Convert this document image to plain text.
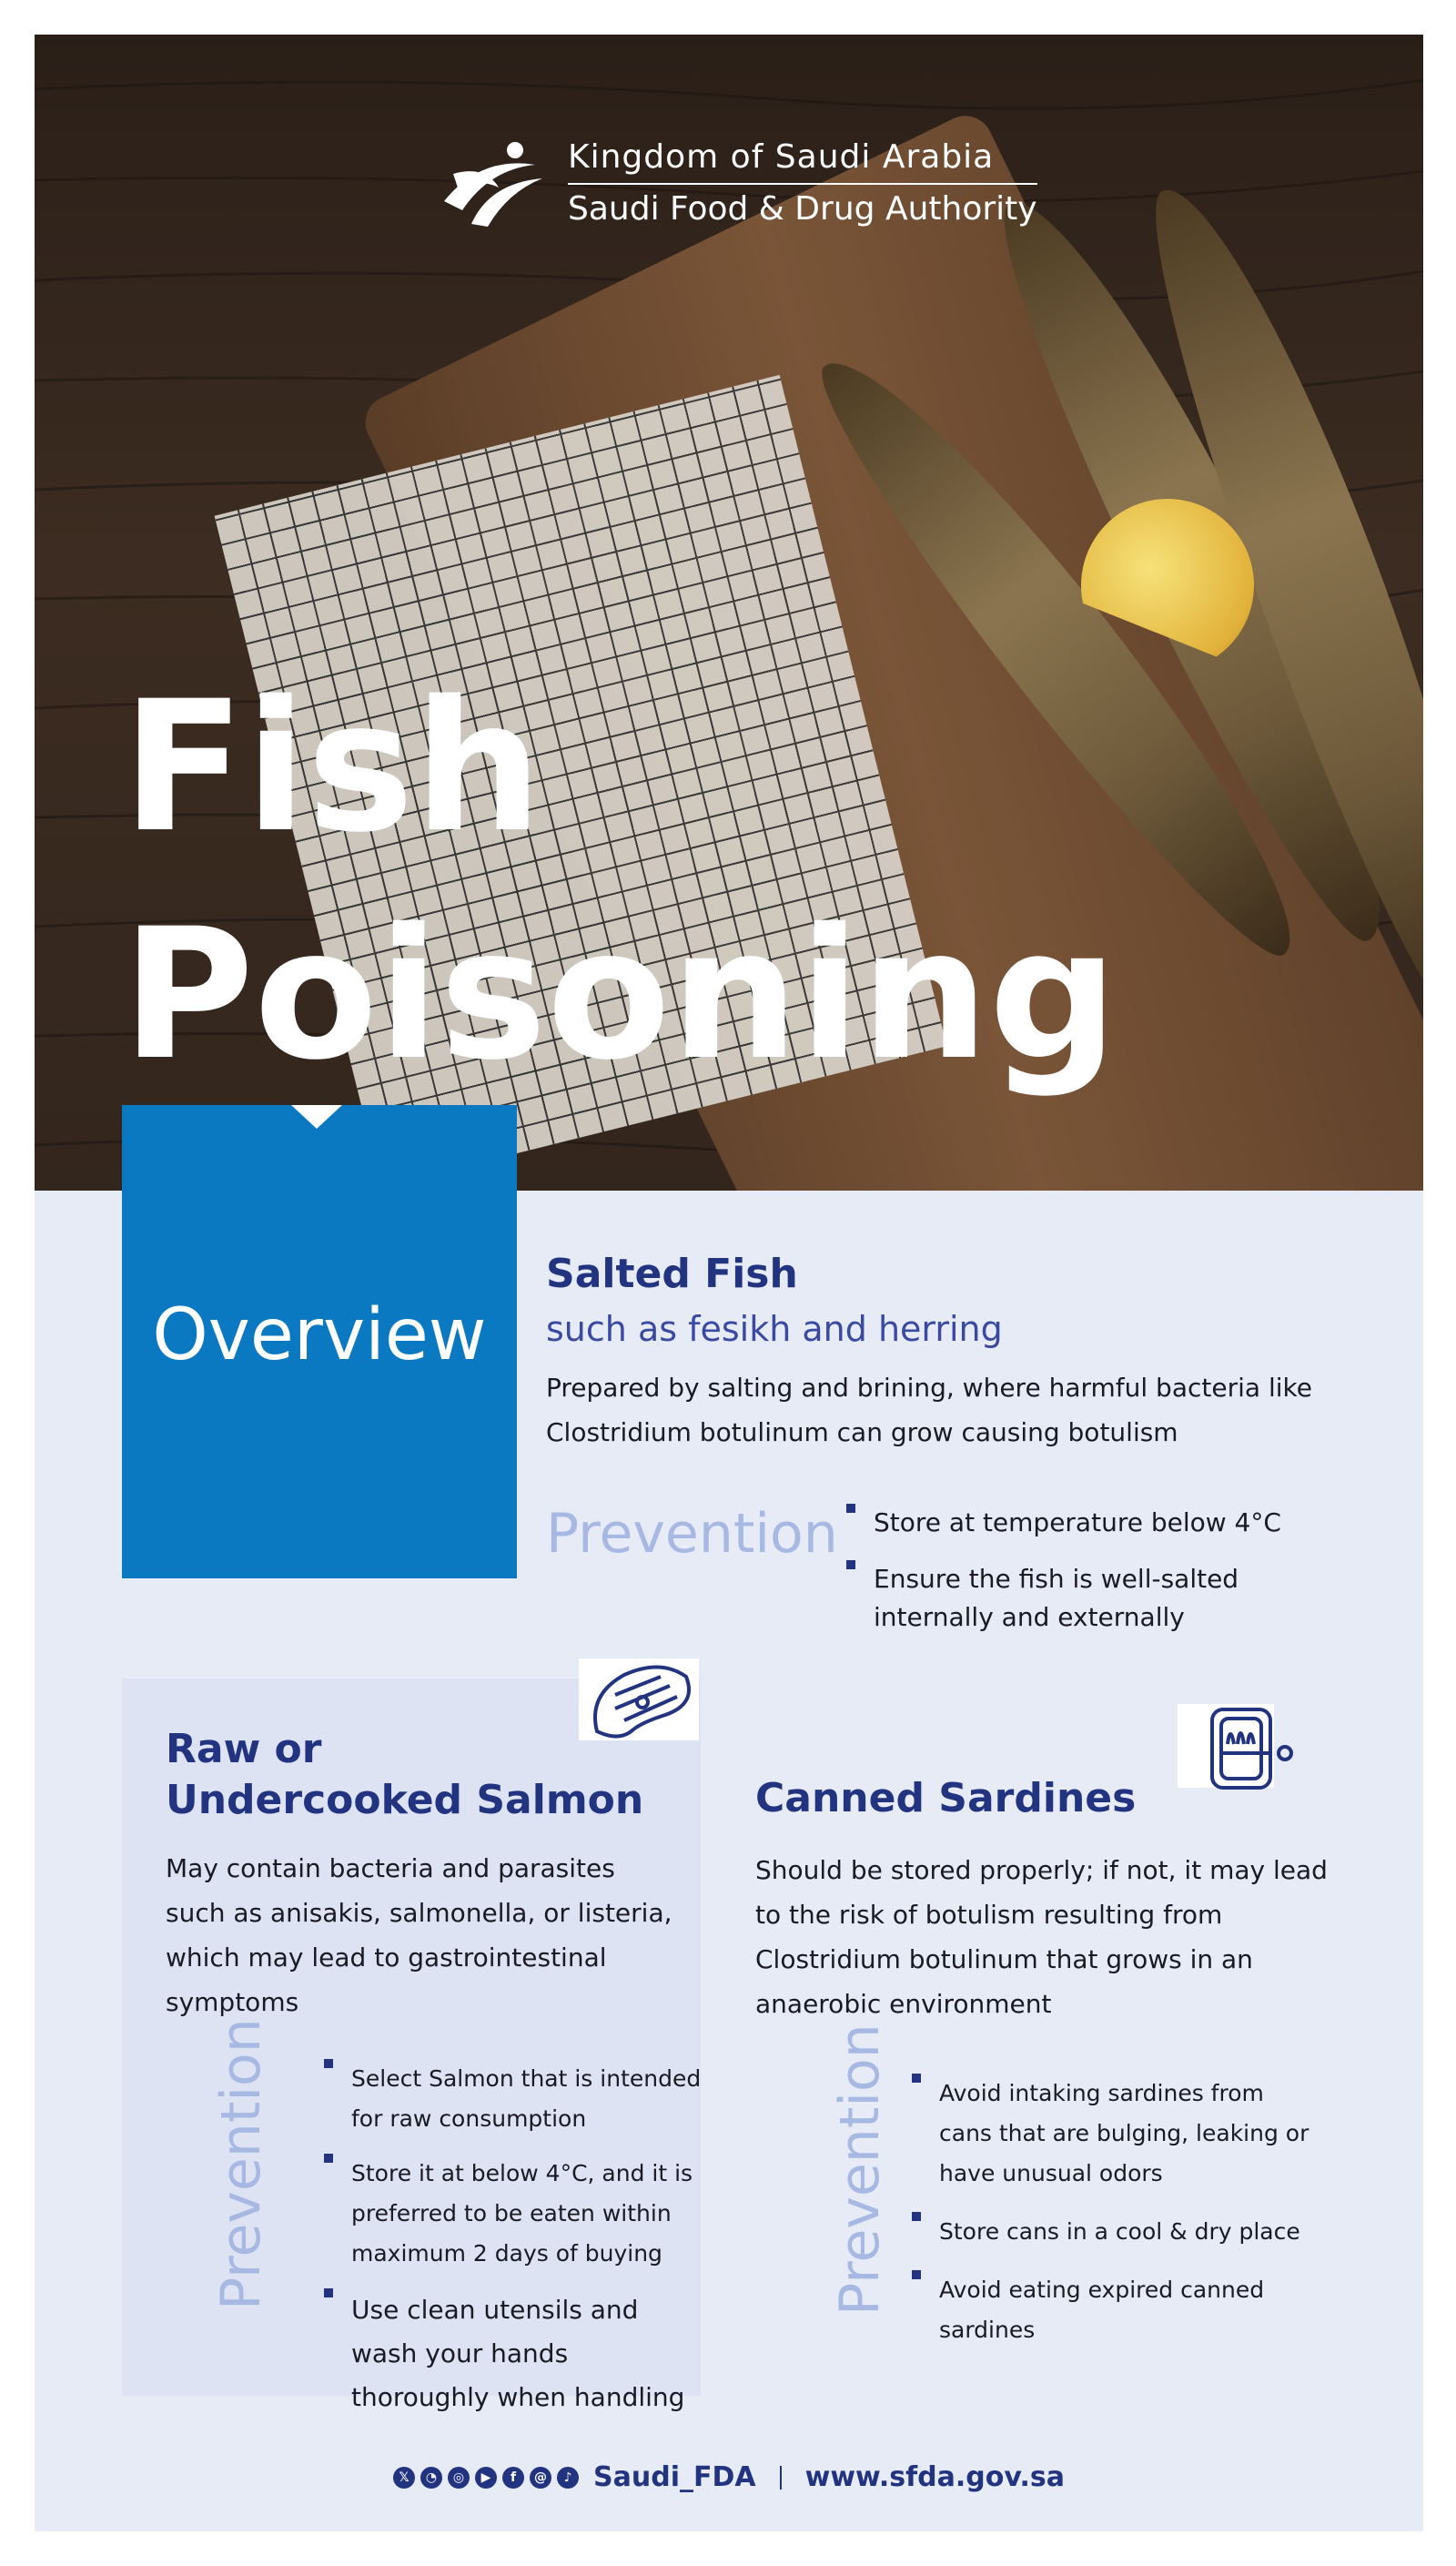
Kingdom of Saudi Arabia
Saudi Food & Drug Authority
Fish
Poisoning
Overview
Salted Fish
such as fesikh and herring
Prepared by salting and brining, where harmful bacteria like
Clostridium botulinum can grow causing botulism
Prevention	Store at temperature below 4°C
Ensure the fish is well-salted
internally and externally
Raw or
Undercooked Salmon
May contain bacteria and parasites
such as anisakis, salmonella, or listeria,
which may lead to gastrointestinal
symptoms
Prevention	Select Salmon that is intended
for raw consumption
Store it at below 4°C, and it is
preferred to be eaten within
maximum 2 days of buying
Use clean utensils and
wash your hands
thoroughly when handling
Canned Sardines
Should be stored properly; if not, it may lead
to the risk of botulism resulting from
Clostridium botulinum that grows in an
anaerobic environment
Prevention	Avoid intaking sardines from
cans that are bulging, leaking or
have unusual odors
Store cans in a cool & dry place
Avoid eating expired canned
sardines
𝕏	◔	◎	▶	f	@	♪ Saudi_FDA www.sfda.gov.sa
